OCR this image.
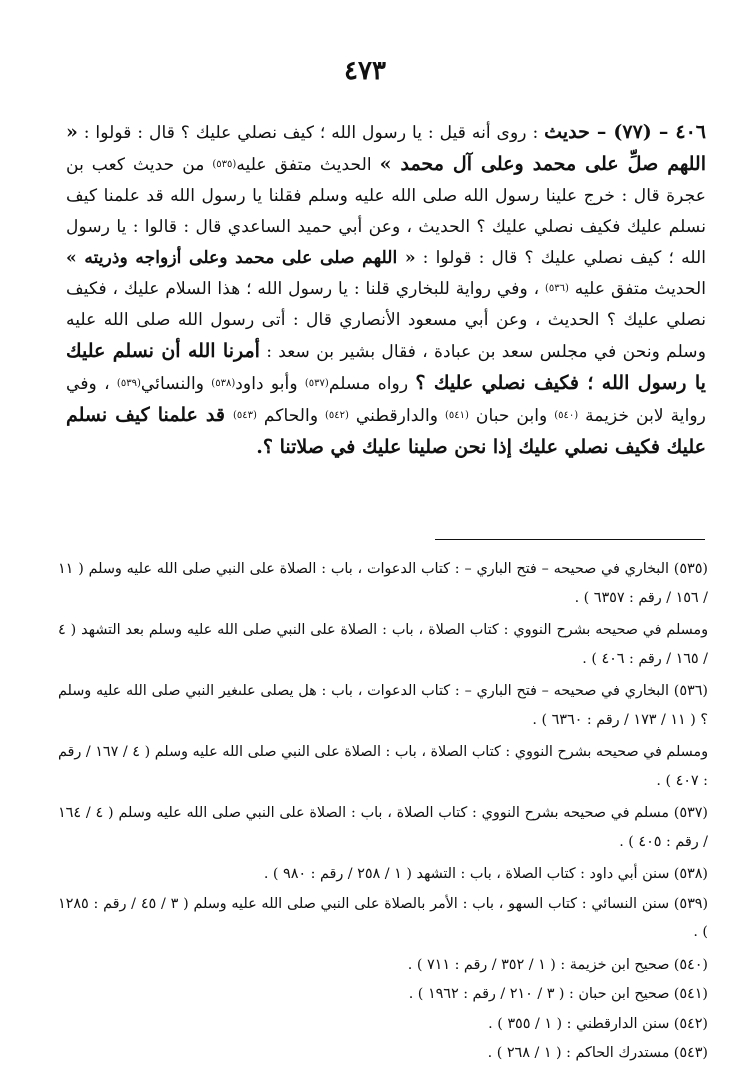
٤٧٣

٤٠٦ – (٧٧) – حديث : روى أنه قيل : يا رسول الله ؛ كيف نصلي عليك ؟ قال : قولوا : « اللهم صلِّ على محمد وعلى آل محمد » الحديث متفق عليه$^{(٥٣٥)}$ من حديث كعب بن عجرة قال : خرج علينا رسول الله صلى الله عليه وسلم فقلنا يا رسول الله قد علمنا كيف نسلم عليك فكيف نصلي عليك ؟ الحديث ، وعن أبي حميد الساعدي قال : قالوا : يا رسول الله ؛ كيف نصلي عليك ؟ قال : قولوا : « اللهم صلى على محمد وعلى أزواجه وذريته » الحديث متفق عليه $^{(٥٣٦)}$ ، وفي رواية للبخاري قلنا : يا رسول الله ؛ هذا السلام عليك ، فكيف نصلي عليك ؟ الحديث ، وعن أبي مسعود الأنصاري قال : أتى رسول الله صلى الله عليه وسلم ونحن في مجلس سعد بن عبادة ، فقال بشير بن سعد : أمرنا الله أن نسلم عليك يا رسول الله ؛ فكيف نصلي عليك ؟ رواه مسلم$^{(٥٣٧)}$ وأبو داود$^{(٥٣٨)}$ والنسائي$^{(٥٣٩)}$ ، وفي رواية لابن خزيمة $^{(٥٤٠)}$ وابن حبان $^{(٥٤١)}$ والدارقطني $^{(٥٤٢)}$ والحاكم $^{(٥٤٣)}$ قد علمنا كيف نسلم عليك فكيف نصلي عليك إذا نحن صلينا عليك في صلاتنا ؟.

(٥٣٥) البخاري في صحيحه – فتح الباري – : كتاب الدعوات ، باب : الصلاة على النبي صلى الله عليه وسلم ( ١١ / ١٥٦ / رقم : ٦٣٥٧ ) .

ومسلم في صحيحه بشرح النووي : كتاب الصلاة ، باب : الصلاة على النبي صلى الله عليه وسلم بعد التشهد ( ٤ / ١٦٥ / رقم : ٤٠٦ ) .

(٥٣٦) البخاري في صحيحه – فتح الباري – : كتاب الدعوات ، باب : هل يصلى علىغير النبي صلى الله عليه وسلم ؟ ( ١١ / ١٧٣ / رقم : ٦٣٦٠ ) .

ومسلم في صحيحه بشرح النووي : كتاب الصلاة ، باب : الصلاة على النبي صلى الله عليه وسلم ( ٤ / ١٦٧ / رقم : ٤٠٧ ) .

(٥٣٧) مسلم في صحيحه بشرح النووي : كتاب الصلاة ، باب : الصلاة على النبي صلى الله عليه وسلم ( ٤ / ١٦٤ / رقم : ٤٠٥ ) .

(٥٣٨) سنن أبي داود : كتاب الصلاة ، باب : التشهد ( ١ / ٢٥٨ / رقم : ٩٨٠ ) .

(٥٣٩) سنن النسائي : كتاب السهو ، باب : الأمر بالصلاة على النبي صلى الله عليه وسلم ( ٣ / ٤٥ / رقم : ١٢٨٥ ) .

(٥٤٠) صحيح ابن خزيمة : ( ١ / ٣٥٢ / رقم : ٧١١ ) .

(٥٤١) صحيح ابن حبان : ( ٣ / ٢١٠ / رقم : ١٩٦٢ ) .

(٥٤٢) سنن الدارقطني : ( ١ / ٣٥٥ ) .

(٥٤٣) مستدرك الحاكم : ( ١ / ٢٦٨ ) .
